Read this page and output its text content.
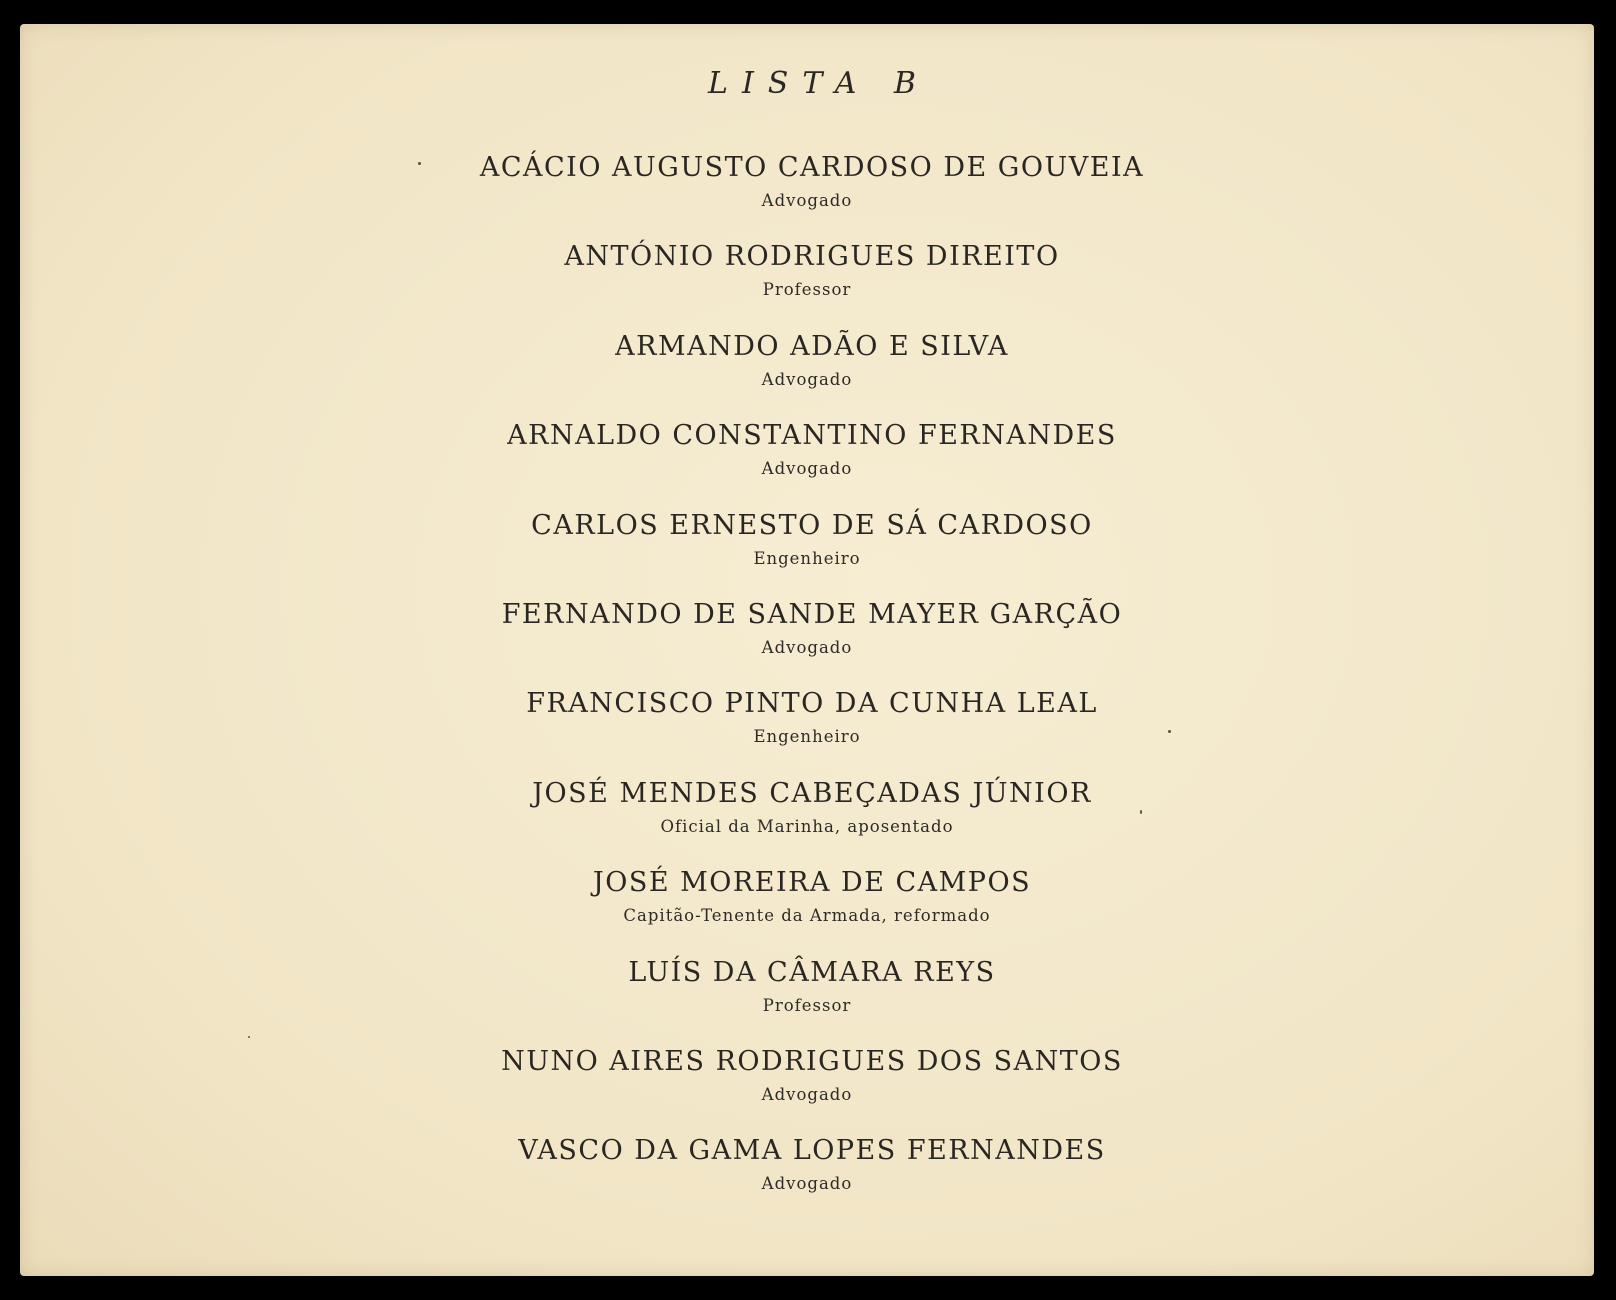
LISTA B
ACÁCIO AUGUSTO CARDOSO DE GOUVEIA
Advogado
ANTÓNIO RODRIGUES DIREITO
Professor
ARMANDO ADÃO E SILVA
Advogado
ARNALDO CONSTANTINO FERNANDES
Advogado
CARLOS ERNESTO DE SÁ CARDOSO
Engenheiro
FERNANDO DE SANDE MAYER GARÇÃO
Advogado
FRANCISCO PINTO DA CUNHA LEAL
Engenheiro
JOSÉ MENDES CABEÇADAS JÚNIOR
Oficial da Marinha, aposentado
JOSÉ MOREIRA DE CAMPOS
Capitão-Tenente da Armada, reformado
LUÍS DA CÂMARA REYS
Professor
NUNO AIRES RODRIGUES DOS SANTOS
Advogado
VASCO DA GAMA LOPES FERNANDES
Advogado
